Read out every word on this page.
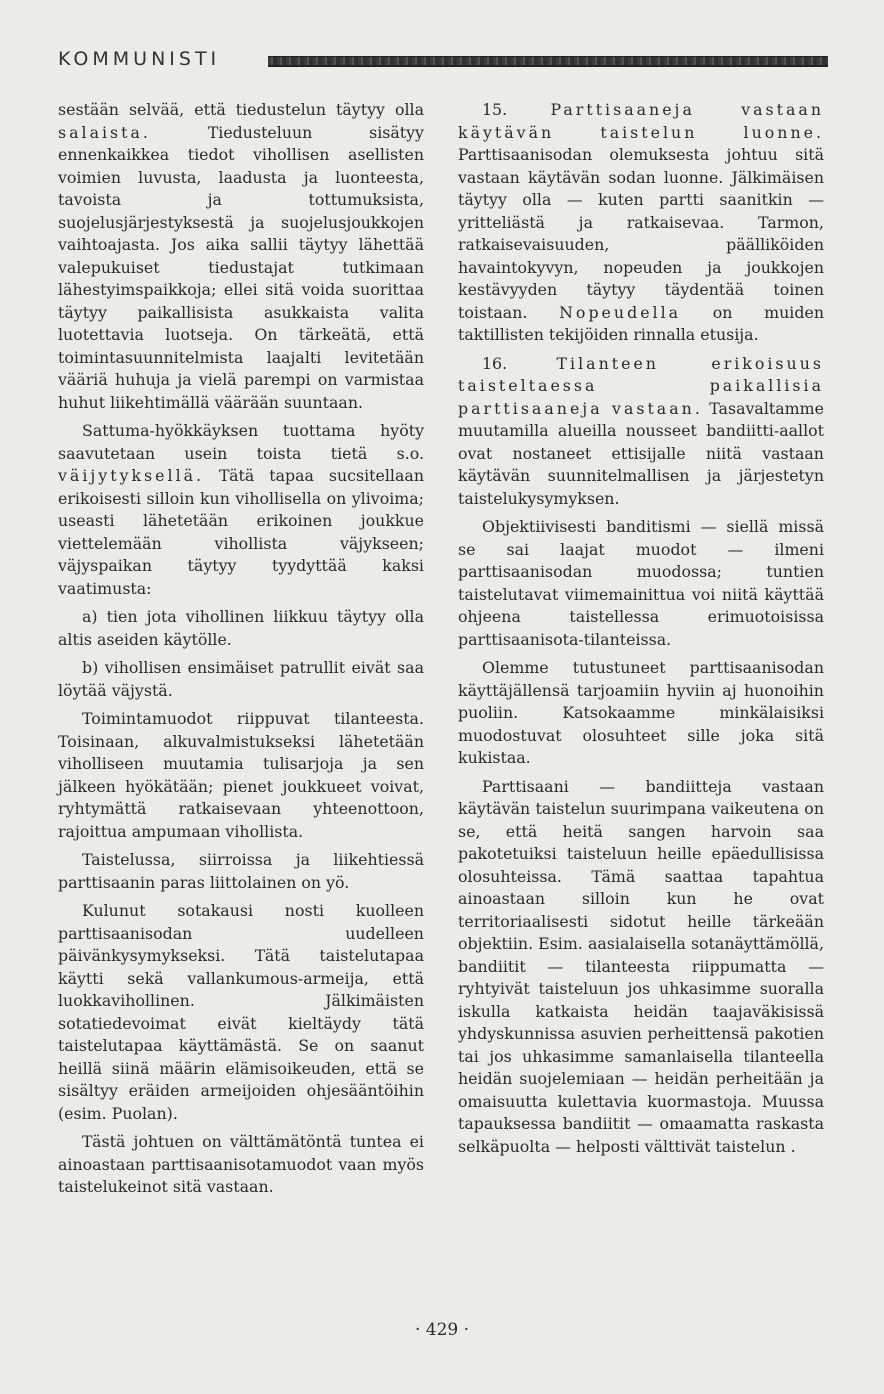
KOMMUNISTI

sestään selvää, että tiedustelun täytyy olla salaista.	Tiedusteluun sisätyy ennenkaikkea tiedot vihollisen asellisten voimien luvusta, laadusta ja luonteesta, tavoista ja tottumuksista, suojelusjärjestyksestä ja suojelusjoukkojen vaihtoajasta. Jos aika sallii täytyy lähettää valepukuiset tiedustajat tutkimaan lähestyimspaikkoja; ellei sitä voida suorittaa täytyy paikallisista asukkaista valita luotettavia luotseja. On tärkeätä, että toimintasuunnitelmista laajalti levitetään vääriä huhuja ja vielä parempi on varmistaa huhut liikehtimällä väärään suuntaan.

Sattuma-hyökkäyksen tuottama hyöty saavutetaan usein toista tietä s.o. väijytyksellä. Tätä tapaa sucsitellaan erikoisesti silloin kun vihollisella on ylivoima; useasti lähetetään erikoinen joukkue viettelemään vihollista väjykseen; väjyspaikan täytyy tyydyttää kaksi vaatimusta:

a) tien jota vihollinen liikkuu täytyy olla altis aseiden käytölle.

b) vihollisen ensimäiset patrullit eivät saa löytää väjystä.

Toimintamuodot riippuvat tilanteesta. Toisinaan, alkuvalmistukseksi lähetetään viholliseen muutamia tulisarjoja ja sen jälkeen hyökätään; pienet joukkueet voivat, ryhtymättä ratkaisevaan yhteenottoon, rajoittua ampumaan vihollista.

Taistelussa, siirroissa ja liikehtiessä parttisaanin paras liittolainen on yö.

Kulunut sotakausi nosti kuolleen parttisaanisodan uudelleen päivänkysymykseksi. Tätä taistelutapaa käytti sekä vallankumous-armeija, että luokkavihollinen. Jälkimäisten sotatiedevoimat eivät kieltäydy tätä taistelutapaa käyttämästä. Se on saanut heillä siinä määrin elämisoikeuden, että se sisältyy eräiden armeijoiden ohjesääntöihin (esim. Puolan).

Tästä johtuen on välttämätöntä tuntea ei ainoastaan parttisaanisotamuodot vaan myös taistelukeinot sitä vastaan.

15.	Parttisaaneja vastaan käytävän taistelun luonne. Parttisaanisodan olemuksesta johtuu sitä vastaan käytävän sodan luonne. Jälkimäisen täytyy olla — kuten partti saanitkin — yritteliästä ja ratkaisevaa. Tarmon, ratkaisevaisuuden, päälliköiden havaintokyvyn, nopeuden ja joukkojen kestävyyden täytyy täydentää toinen toistaan. Nopeudella on muiden taktillisten tekijöiden rinnalla etusija.

16.	Tilanteen erikoisuus taisteltaessa paikallisia parttisaaneja vastaan. Tasavaltamme muutamilla alueilla nousseet bandiitti-aallot ovat nostaneet ettisijalle niitä vastaan käytävän suunnitelmallisen ja järjestetyn taistelukysymyksen.

Objektiivisesti banditismi — siellä missä se sai laajat muodot — ilmeni parttisaanisodan muodossa; tuntien taistelutavat viimemainittua voi niitä käyttää ohjeena taistellessa erimuotoisissa parttisaanisota-tilanteissa.

Olemme tutustuneet parttisaanisodan käyttäjällensä tarjoamiin hyviin aj huonoihin puoliin. Katsokaamme minkälaisiksi muodostuvat olosuhteet sille joka sitä kukistaa.

Parttisaani — bandiitteja vastaan käytävän taistelun suurimpana vaikeutena on se, että heitä sangen harvoin saa pakotetuiksi taisteluun heille epäedullisissa olosuhteissa. Tämä saattaa tapahtua ainoastaan silloin kun he ovat territoriaalisesti sidotut heille tärkeään objektiin. Esim. aasialaisella sotanäyttämöllä, bandiitit — tilanteesta riippumatta — ryhtyivät taisteluun jos uhkasimme suoralla iskulla katkaista heidän taajaväkisissä yhdyskunnissa asuvien perheittensä pakotien tai jos uhkasimme samanlaisella tilanteella heidän suojelemiaan — heidän perheitään ja omaisuutta kulettavia kuormastoja. Muussa tapauksessa bandiitit — omaamatta raskasta selkäpuolta — helposti välttivät taistelun .

· 429 ·
